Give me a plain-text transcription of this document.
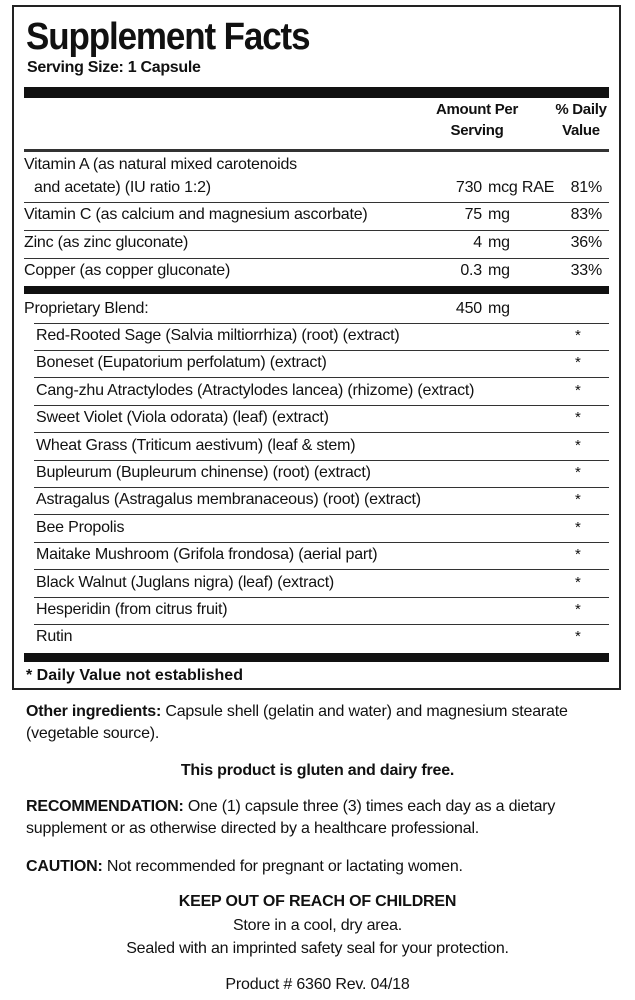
Supplement Facts
Serving Size: 1 Capsule
Amount Per
Serving
% Daily
Value
Vitamin A (as natural mixed carotenoids
and acetate) (IU ratio 1:2)	730 mcg RAE	81%
Vitamin C (as calcium and magnesium ascorbate)	75 mg	83%
Zinc (as zinc gluconate)	4 mg	36%
Copper (as copper gluconate)	0.3 mg	33%
Proprietary Blend:	450 mg
Red-Rooted Sage (Salvia miltiorrhiza) (root) (extract)	*
Boneset (Eupatorium perfolatum) (extract)	*
Cang-zhu Atractylodes (Atractylodes lancea) (rhizome) (extract)	*
Sweet Violet (Viola odorata) (leaf) (extract)	*
Wheat Grass (Triticum aestivum) (leaf & stem)	*
Bupleurum (Bupleurum chinense) (root) (extract)	*
Astragalus (Astragalus membranaceous) (root) (extract)	*
Bee Propolis	*
Maitake Mushroom (Grifola frondosa) (aerial part)	*
Black Walnut (Juglans nigra) (leaf) (extract)	*
Hesperidin (from citrus fruit)	*
Rutin	*
* Daily Value not established
Other ingredients: Capsule shell (gelatin and water) and magnesium stearate (vegetable source).
This product is gluten and dairy free.
RECOMMENDATION: One (1) capsule three (3) times each day as a dietary supplement or as otherwise directed by a healthcare professional.
CAUTION: Not recommended for pregnant or lactating women.
KEEP OUT OF REACH OF CHILDREN
Store in a cool, dry area.
Sealed with an imprinted safety seal for your protection.
Product # 6360 Rev. 04/18
